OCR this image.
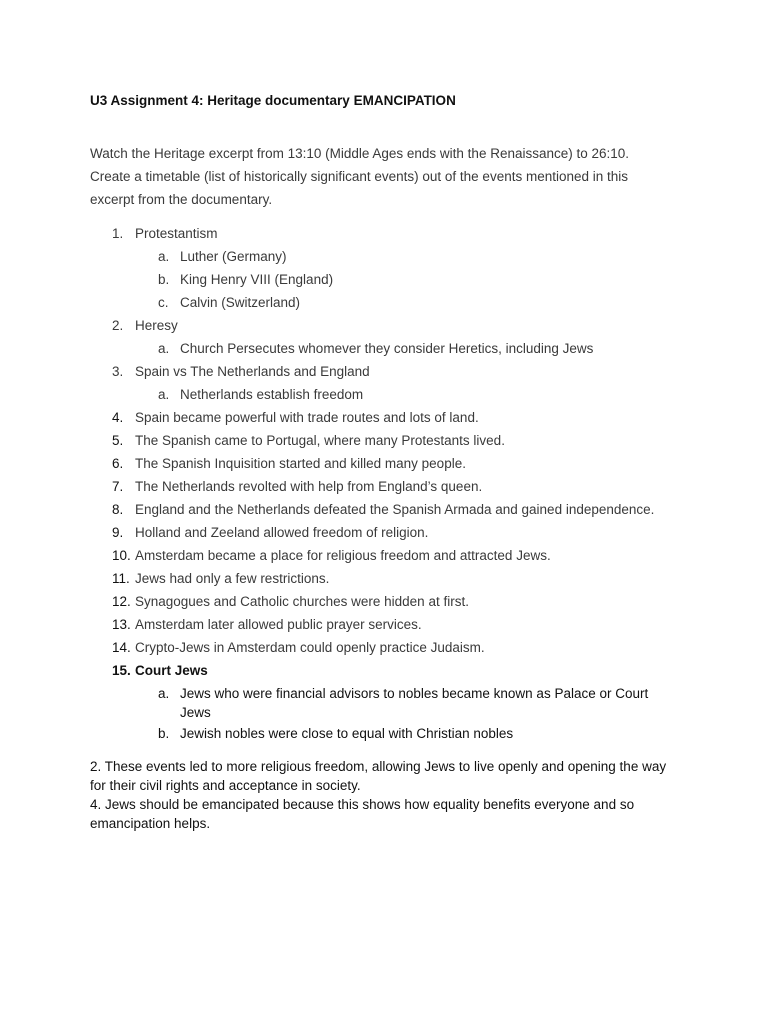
U3 Assignment 4: Heritage documentary EMANCIPATION
Watch the Heritage excerpt from 13:10 (Middle Ages ends with the Renaissance) to 26:10.
Create a timetable (list of historically significant events) out of the events mentioned in this
excerpt from the documentary.
1. Protestantism
a. Luther (Germany)
b. King Henry VIII (England)
c. Calvin (Switzerland)
2. Heresy
a. Church Persecutes whomever they consider Heretics, including Jews
3. Spain vs The Netherlands and England
a. Netherlands establish freedom
4. Spain became powerful with trade routes and lots of land.
5. The Spanish came to Portugal, where many Protestants lived.
6. The Spanish Inquisition started and killed many people.
7. The Netherlands revolted with help from England’s queen.
8. England and the Netherlands defeated the Spanish Armada and gained independence.
9. Holland and Zeeland allowed freedom of religion.
10. Amsterdam became a place for religious freedom and attracted Jews.
11. Jews had only a few restrictions.
12. Synagogues and Catholic churches were hidden at first.
13. Amsterdam later allowed public prayer services.
14. Crypto-Jews in Amsterdam could openly practice Judaism.
15. Court Jews
a. Jews who were financial advisors to nobles became known as Palace or Court Jews
b. Jewish nobles were close to equal with Christian nobles

2. These events led to more religious freedom, allowing Jews to live openly and opening the way for their civil rights and acceptance in society.

4. Jews should be emancipated because this shows how equality benefits everyone and so emancipation helps.
